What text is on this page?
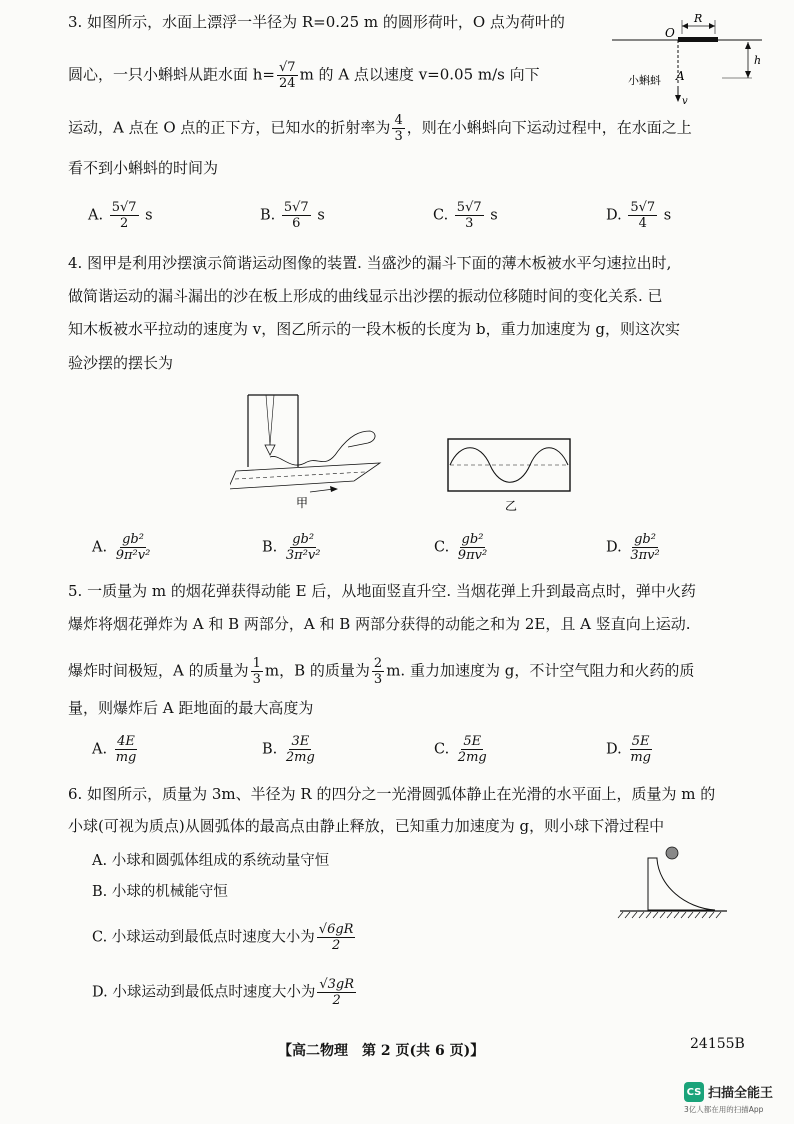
3. 如图所示，水面上漂浮一半径为 R=0.25 m 的圆形荷叶，O 点为荷叶的
圆心，一只小蝌蚪从距水面 $h= \frac{√7}{24}$ m 的 A 点以速度 v=0.05 m/s 向下
运动，A 点在 O 点的正下方，已知水的折射率为 $\frac{4}{3}$ ，则在小蝌蚪向下运动过程中，在水面之上
看不到小蝌蚪的时间为
A. $\frac{5√7}{2}$ s	B. $\frac{5√7}{6}$ s	C. $\frac{5√7}{3}$ s	D. $\frac{5√7}{4}$ s
R
O
h
A
小蝌蚪
v
4. 图甲是利用沙摆演示简谐运动图像的装置. 当盛沙的漏斗下面的薄木板被水平匀速拉出时,
做简谐运动的漏斗漏出的沙在板上形成的曲线显示出沙摆的振动位移随时间的变化关系. 已
知木板被水平拉动的速度为 v，图乙所示的一段木板的长度为 b，重力加速度为 g，则这次实
验沙摆的摆长为
甲	乙
A. $\frac{\text{gb²}}{\text{9π²v²}}$	B. $\frac{\text{gb²}}{\text{3π²v²}}$	C. $\frac{\text{gb²}}{\text{9πv²}}$	D. $\frac{\text{gb²}}{\text{3πv²}}$
5. 一质量为 m 的烟花弹获得动能 E 后，从地面竖直升空. 当烟花弹上升到最高点时，弹中火药
爆炸将烟花弹炸为 A 和 B 两部分，A 和 B 两部分获得的动能之和为 2E，且 A 竖直向上运动.
爆炸时间极短，A 的质量为 $\frac{1}{3}$ m，B 的质量为 $\frac{2}{3} m$. 重力加速度为 g，不计空气阻力和火药的质
量，则爆炸后 A 距地面的最大高度为
A. $\frac{4E}{mg}$	B. $\frac{3E}{2mg}$	C. $\frac{5E}{2mg}$	D. $\frac{5E}{mg}$
6. 如图所示，质量为 3m、半径为 R 的四分之一光滑圆弧体静止在光滑的水平面上，质量为 m 的
小球(可视为质点)从圆弧体的最高点由静止释放，已知重力加速度为 g，则小球下滑过程中
A. 小球和圆弧体组成的系统动量守恒
B. 小球的机械能守恒
C. 小球运动到最低点时速度大小为 $\frac{√6gR}{2}$
D. 小球运动到最低点时速度大小为 $\frac{√3gR}{2}$
【高二物理　第 2 页(共 6 页)】	24155B
CS 扫描全能王
3亿人都在用的扫描App
